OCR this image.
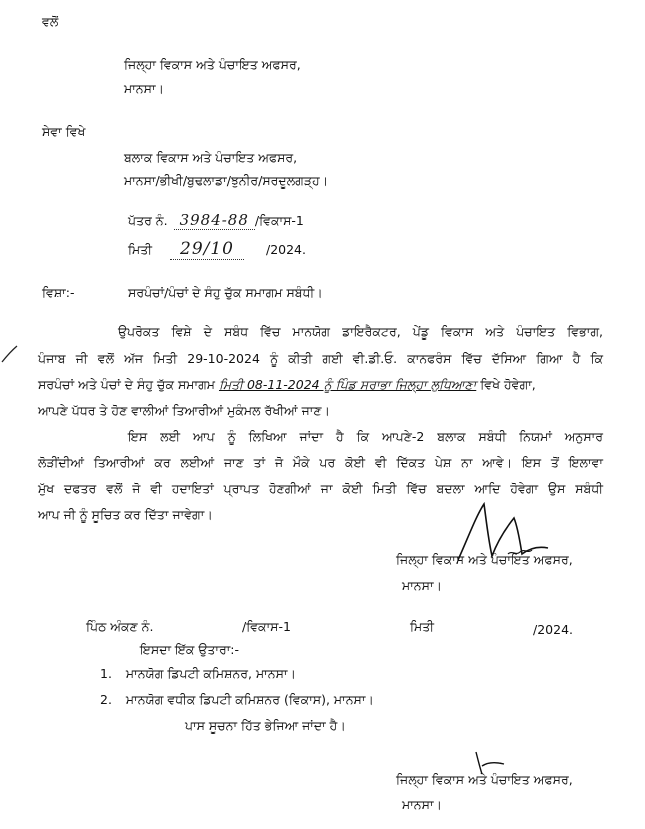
ਵਲੋਂ
ਜਿਲ੍ਹਾ ਵਿਕਾਸ ਅਤੇ ਪੰਚਾਇਤ ਅਫਸਰ,
ਮਾਨਸਾ।
ਸੇਵਾ ਵਿਖੇ
ਬਲਾਕ ਵਿਕਾਸ ਅਤੇ ਪੰਚਾਇਤ ਅਫਸਰ,
ਮਾਨਸਾ/ਭੀਖੀ/ਬੁਢਲਾਡਾ/ਝੁਨੀਰ/ਸਰਦੂਲਗੜ੍ਹ।
ਪੱਤਰ ਨੰ. 3984-88 /ਵਿਕਾਸ-1
ਮਿਤੀ 29/10	/2024.
ਵਿਸ਼ਾ:-	ਸਰਪੰਚਾਂ/ਪੰਚਾਂ ਦੇ ਸੰਹੁ ਚੁੱਕ ਸਮਾਗਮ ਸਬੰਧੀ।
ਉਪਰੋਕਤ ਵਿਸ਼ੇ ਦੇ ਸਬੰਧ ਵਿੱਚ ਮਾਨਯੋਗ ਡਾਇਰੈਕਟਰ, ਪੇਂਡੂ ਵਿਕਾਸ ਅਤੇ ਪੰਚਾਇਤ ਵਿਭਾਗ,
ਪੰਜਾਬ ਜੀ ਵਲੋਂ ਅੱਜ ਮਿਤੀ 29-10-2024 ਨੂੰ ਕੀਤੀ ਗਈ ਵੀ.ਡੀ.ਓ. ਕਾਨਫਰੰਸ ਵਿੱਚ ਦੱਸਿਆ ਗਿਆ ਹੈ ਕਿ
ਸਰਪੰਚਾਂ ਅਤੇ ਪੰਚਾਂ ਦੇ ਸੰਹੁ ਚੁੱਕ ਸਮਾਗਮ ਮਿਤੀ 08-11-2024 ਨੂੰ ਪਿੰਡ ਸਰਾਭਾ ਜਿਲ੍ਹਾ ਲੁਧਿਆਣਾ ਵਿਖੇ ਹੋਵੇਗਾ,
ਆਪਣੇ ਪੱਧਰ ਤੇ ਹੋਣ ਵਾਲੀਆਂ ਤਿਆਰੀਆਂ ਮੁਕੰਮਲ ਰੱਖੀਆਂ ਜਾਣ।
ਇਸ ਲਈ ਆਪ ਨੂੰ ਲਿਖਿਆ ਜਾਂਦਾ ਹੈ ਕਿ ਆਪਣੇ-2 ਬਲਾਕ ਸਬੰਧੀ ਨਿਯਮਾਂ ਅਨੁਸਾਰ
ਲੋੜੀਂਦੀਆਂ ਤਿਆਰੀਆਂ ਕਰ ਲਈਆਂ ਜਾਣ ਤਾਂ ਜੋ ਮੌਕੇ ਪਰ ਕੋਈ ਵੀ ਦਿੱਕਤ ਪੇਸ਼ ਨਾ ਆਵੇ। ਇਸ ਤੋਂ ਇਲਾਵਾ
ਮੁੱਖ ਦਫਤਰ ਵਲੋਂ ਜੋ ਵੀ ਹਦਾਇਤਾਂ ਪ੍ਰਾਪਤ ਹੋਣਗੀਆਂ ਜਾ ਕੋਈ ਮਿਤੀ ਵਿੱਚ ਬਦਲਾ ਆਦਿ ਹੋਵੇਗਾ ਉਸ ਸਬੰਧੀ
ਆਪ ਜੀ ਨੂੰ ਸੂਚਿਤ ਕਰ ਦਿੱਤਾ ਜਾਵੇਗਾ।
ਜਿਲ੍ਹਾ ਵਿਕਾਸ ਅਤੇ ਪੰਚਾਇਤ ਅਫਸਰ,
ਮਾਨਸਾ।
ਪਿੰਠ ਅੰਕਣ ਨੰ.	/ਵਿਕਾਸ-1	ਮਿਤੀ	/2024.
ਇਸਦਾ ਇੱਕ ਉਤਾਰਾ:-
1. ਮਾਨਯੋਗ ਡਿਪਟੀ ਕਮਿਸ਼ਨਰ, ਮਾਨਸਾ।
2. ਮਾਨਯੋਗ ਵਧੀਕ ਡਿਪਟੀ ਕਮਿਸ਼ਨਰ (ਵਿਕਾਸ), ਮਾਨਸਾ।
ਪਾਸ ਸੂਚਨਾ ਹਿੱਤ ਭੇਜਿਆ ਜਾਂਦਾ ਹੈ।
ਜਿਲ੍ਹਾ ਵਿਕਾਸ ਅਤੇ ਪੰਚਾਇਤ ਅਫਸਰ,
ਮਾਨਸਾ।
